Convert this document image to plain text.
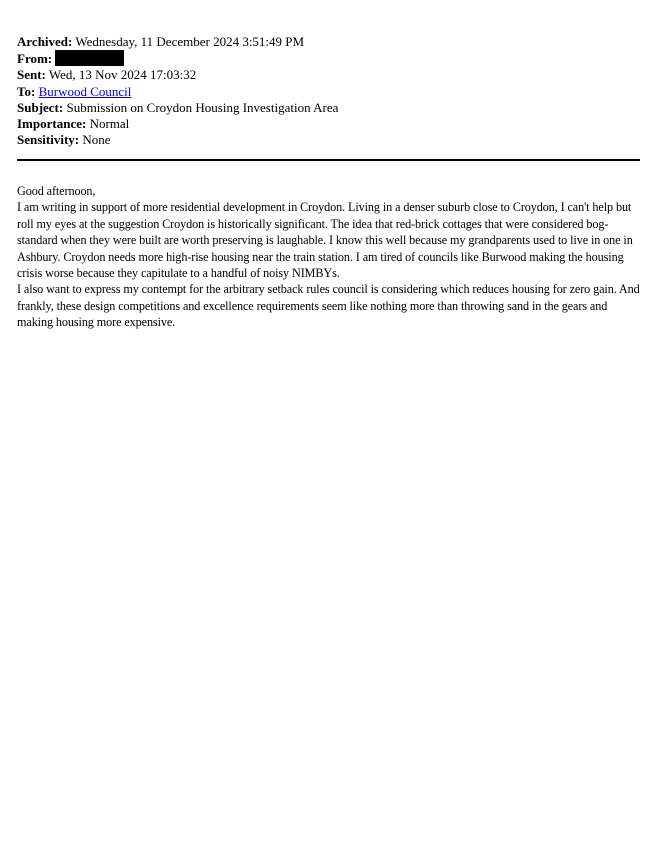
Archived: Wednesday, 11 December 2024 3:51:49 PM
From:
Sent: Wed, 13 Nov 2024 17:03:32
To: Burwood Council
Subject: Submission on Croydon Housing Investigation Area
Importance: Normal
Sensitivity: None

Good afternoon,

I am writing in support of more residential development in Croydon. Living in a denser suburb close to Croydon, I can't help but roll my eyes at the suggestion Croydon is historically significant. The idea that red-brick cottages that were considered bog-standard when they were built are worth preserving is laughable. I know this well because my grandparents used to live in one in Ashbury. Croydon needs more high-rise housing near the train station. I am tired of councils like Burwood making the housing crisis worse because they capitulate to a handful of noisy NIMBYs.

I also want to express my contempt for the arbitrary setback rules council is considering which reduces housing for zero gain. And frankly, these design competitions and excellence requirements seem like nothing more than throwing sand in the gears and making housing more expensive.
